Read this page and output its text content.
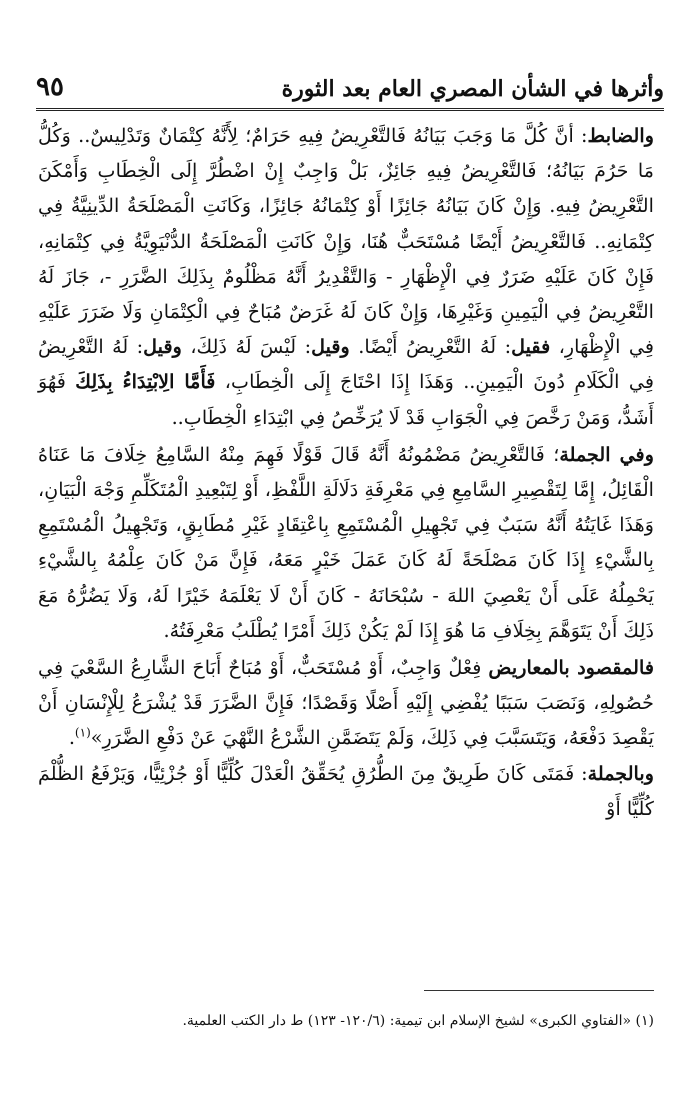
وأثرها في الشأن المصري العام بعد الثورة
٩٥

والضابط: أنَّ كُلَّ مَا وَجَبَ بَيَانُهُ فَالتَّعْرِيضُ فِيهِ حَرَامٌ؛ لِأَنَّهُ كِتْمَانٌ وَتَدْلِيسٌ.. وَكُلُّ مَا حَرُمَ بَيَانُهُ؛ فَالتَّعْرِيضُ فِيهِ جَائِزٌ، بَلْ وَاجِبٌ إِنْ اضْطُرَّ إِلَى الْخِطَابِ وَأَمْكَنَ التَّعْرِيضُ فِيهِ. وَإِنْ كَانَ بَيَانُهُ جَائِزًا أَوْ كِتْمَانُهُ جَائِزًا، وَكَانَتِ الْمَصْلَحَةُ الدِّينِيَّةُ فِي كِتْمَانِهِ.. فَالتَّعْرِيضُ أَيْضًا مُسْتَحَبٌّ هُنَا، وَإِنْ كَانَتِ الْمَصْلَحَةُ الدُّنْيَوِيَّةُ فِي كِتْمَانِهِ، فَإِنْ كَانَ عَلَيْهِ ضَرَرٌ فِي الْإِظْهَارِ - وَالتَّقْدِيرُ أَنَّهُ مَظْلُومٌ بِذَلِكَ الضَّرَرِ -، جَازَ لَهُ التَّعْرِيضُ فِي الْيَمِينِ وَغَيْرِهَا، وَإِنْ كَانَ لَهُ غَرَضٌ مُبَاحٌ فِي الْكِتْمَانِ وَلَا ضَرَرَ عَلَيْهِ فِي الْإِظْهَارِ، فقيل: لَهُ التَّعْرِيضُ أَيْضًا. وقيل: لَيْسَ لَهُ ذَلِكَ، وقيل: لَهُ التَّعْرِيضُ فِي الْكَلَامِ دُونَ الْيَمِينِ.. وَهَذَا إِذَا احْتَاجَ إِلَى الْخِطَابِ، فَأَمَّا الِابْتِدَاءُ بِذَلِكَ فَهُوَ أَشَدُّ، وَمَنْ رَخَّصَ فِي الْجَوَابِ قَدْ لَا يُرَخِّصُ فِي ابْتِدَاءِ الْخِطَابِ..

وفي الجملة؛ فَالتَّعْرِيضُ مَضْمُونُهُ أَنَّهُ قَالَ قَوْلًا فَهِمَ مِنْهُ السَّامِعُ خِلَافَ مَا عَنَاهُ الْقَائِلُ، إِمَّا لِتَقْصِيرِ السَّامِعِ فِي مَعْرِفَةِ دَلَالَةِ اللَّفْظِ، أَوْ لِتَبْعِيدِ الْمُتَكَلِّمِ وَجْهَ الْبَيَانِ، وَهَذَا غَايَتُهُ أَنَّهُ سَبَبٌ فِي تَجْهِيلِ الْمُسْتَمِعِ بِاعْتِقَادٍ غَيْرِ مُطَابِقٍ، وَتَجْهِيلُ الْمُسْتَمِعِ بِالشَّيْءِ إِذَا كَانَ مَصْلَحَةً لَهُ كَانَ عَمَلَ خَيْرٍ مَعَهُ، فَإِنَّ مَنْ كَانَ عِلْمُهُ بِالشَّيْءِ يَحْمِلُهُ عَلَى أَنْ يَعْصِيَ اللهَ - سُبْحَانَهُ - كَانَ أَنْ لَا يَعْلَمَهُ خَيْرًا لَهُ، وَلَا يَضُرُّهُ مَعَ ذَلِكَ أَنْ يَتَوَهَّمَ بِخِلَافِ مَا هُوَ إِذَا لَمْ يَكُنْ ذَلِكَ أَمْرًا يُطْلَبُ مَعْرِفَتُهُ.

فالمقصود بالمعاريض فِعْلٌ وَاجِبٌ، أَوْ مُسْتَحَبٌّ، أَوْ مُبَاحٌ أَبَاحَ الشَّارِعُ السَّعْيَ فِي حُصُولِهِ، وَنَصَبَ سَبَبًا يُفْضِي إِلَيْهِ أَصْلًا وَقَصْدًا؛ فَإِنَّ الضَّرَرَ قَدْ يُشْرَعُ لِلْإِنْسَانِ أَنْ يَقْصِدَ دَفْعَهُ، وَيَتَسَبَّبَ فِي ذَلِكَ، وَلَمْ يَتَضَمَّنِ الشَّرْعُ النَّهْيَ عَنْ دَفْعِ الضَّرَرِ»$^{(١)}$.

وبالجملة: فَمَتَى كَانَ طَرِيقٌ مِنَ الطُّرُقِ يُحَقِّقُ الْعَدْلَ كُلِّيًّا أَوْ جُزْئِيًّا، وَيَرْفَعُ الظُّلْمَ كُلِّيًّا أَوْ

(١) «الفتاوي الكبرى» لشيخ الإسلام ابن تيمية: (١٢٠/٦- ١٢٣) ط دار الكتب العلمية.
